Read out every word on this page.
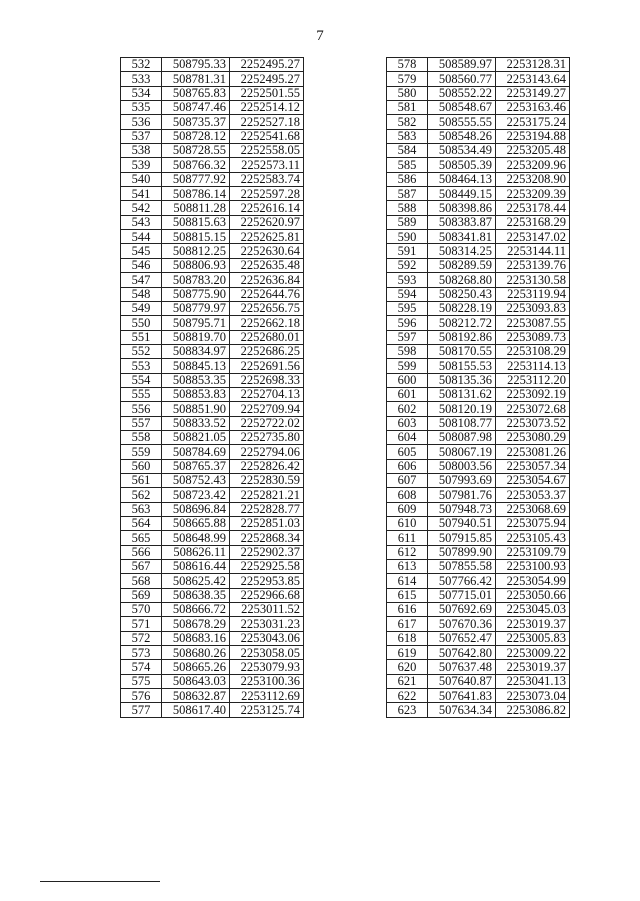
7
532	508795.33	2252495.27
533	508781.31	2252495.27
534	508765.83	2252501.55
535	508747.46	2252514.12
536	508735.37	2252527.18
537	508728.12	2252541.68
538	508728.55	2252558.05
539	508766.32	2252573.11
540	508777.92	2252583.74
541	508786.14	2252597.28
542	508811.28	2252616.14
543	508815.63	2252620.97
544	508815.15	2252625.81
545	508812.25	2252630.64
546	508806.93	2252635.48
547	508783.20	2252636.84
548	508775.90	2252644.76
549	508779.97	2252656.75
550	508795.71	2252662.18
551	508819.70	2252680.01
552	508834.97	2252686.25
553	508845.13	2252691.56
554	508853.35	2252698.33
555	508853.83	2252704.13
556	508851.90	2252709.94
557	508833.52	2252722.02
558	508821.05	2252735.80
559	508784.69	2252794.06
560	508765.37	2252826.42
561	508752.43	2252830.59
562	508723.42	2252821.21
563	508696.84	2252828.77
564	508665.88	2252851.03
565	508648.99	2252868.34
566	508626.11	2252902.37
567	508616.44	2252925.58
568	508625.42	2252953.85
569	508638.35	2252966.68
570	508666.72	2253011.52
571	508678.29	2253031.23
572	508683.16	2253043.06
573	508680.26	2253058.05
574	508665.26	2253079.93
575	508643.03	2253100.36
576	508632.87	2253112.69
577	508617.40	2253125.74
578	508589.97	2253128.31
579	508560.77	2253143.64
580	508552.22	2253149.27
581	508548.67	2253163.46
582	508555.55	2253175.24
583	508548.26	2253194.88
584	508534.49	2253205.48
585	508505.39	2253209.96
586	508464.13	2253208.90
587	508449.15	2253209.39
588	508398.86	2253178.44
589	508383.87	2253168.29
590	508341.81	2253147.02
591	508314.25	2253144.11
592	508289.59	2253139.76
593	508268.80	2253130.58
594	508250.43	2253119.94
595	508228.19	2253093.83
596	508212.72	2253087.55
597	508192.86	2253089.73
598	508170.55	2253108.29
599	508155.53	2253114.13
600	508135.36	2253112.20
601	508131.62	2253092.19
602	508120.19	2253072.68
603	508108.77	2253073.52
604	508087.98	2253080.29
605	508067.19	2253081.26
606	508003.56	2253057.34
607	507993.69	2253054.67
608	507981.76	2253053.37
609	507948.73	2253068.69
610	507940.51	2253075.94
611	507915.85	2253105.43
612	507899.90	2253109.79
613	507855.58	2253100.93
614	507766.42	2253054.99
615	507715.01	2253050.66
616	507692.69	2253045.03
617	507670.36	2253019.37
618	507652.47	2253005.83
619	507642.80	2253009.22
620	507637.48	2253019.37
621	507640.87	2253041.13
622	507641.83	2253073.04
623	507634.34	2253086.82
